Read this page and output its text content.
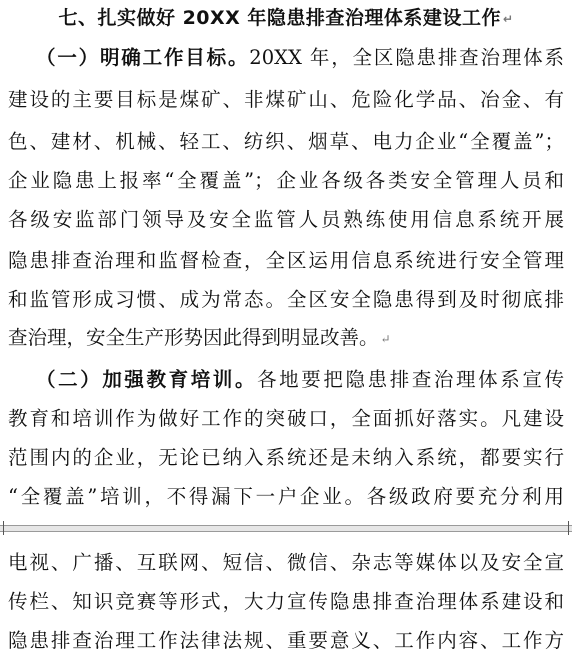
七、扎实做好 20XX 年隐患排查治理体系建设工作 ↵
（一）明确工作目标。20XX 年，全区隐患排查治理体系
建设的主要目标是煤矿、非煤矿山、危险化学品、冶金、有
色、建材、机械、轻工、纺织、烟草、电力企业“全覆盖”；
企业隐患上报率“全覆盖”；企业各级各类安全管理人员和
各级安监部门领导及安全监管人员熟练使用信息系统开展
隐患排查治理和监督检查，全区运用信息系统进行安全管理
和监管形成习惯、成为常态。全区安全隐患得到及时彻底排
查治理，安全生产形势因此得到明显改善。 ↵
（二）加强教育培训。各地要把隐患排查治理体系宣传
教育和培训作为做好工作的突破口，全面抓好落实。凡建设
范围内的企业，无论已纳入系统还是未纳入系统，都要实行
“全覆盖”培训，不得漏下一户企业。各级政府要充分利用
电视、广播、互联网、短信、微信、杂志等媒体以及安全宣
传栏、知识竞赛等形式，大力宣传隐患排查治理体系建设和
隐患排查治理工作法律法规、重要意义、工作内容、工作方
